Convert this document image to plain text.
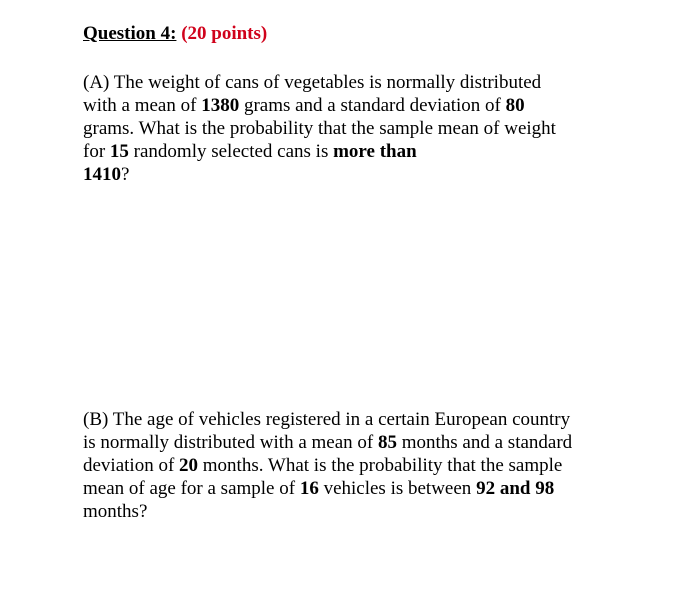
Question 4: (20 points)
(A) The weight of cans of vegetables is normally distributed
with a mean of 1380 grams and a standard deviation of 80
grams. What is the probability that the sample mean of weight
for 15 randomly selected cans is more than
1410?
(B) The age of vehicles registered in a certain European country
is normally distributed with a mean of 85 months and a standard
deviation of 20 months. What is the probability that the sample
mean of age for a sample of 16 vehicles is between 92 and 98
months?
